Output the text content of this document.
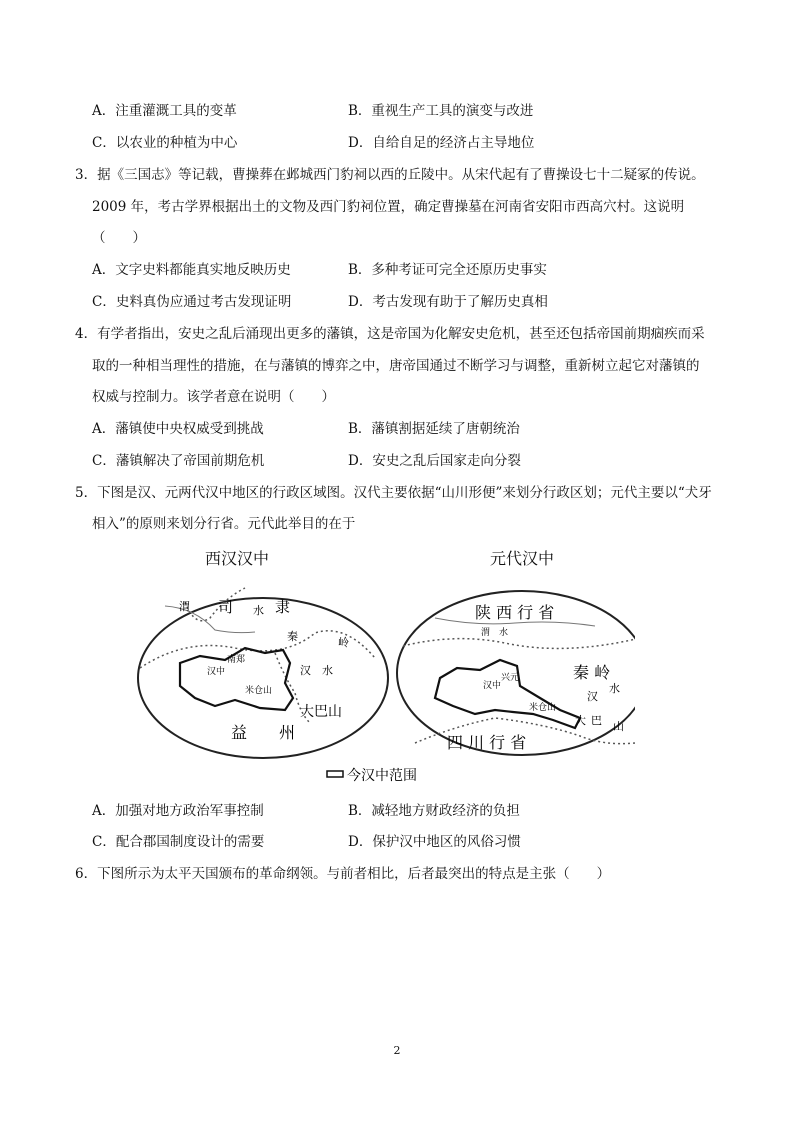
A．注重灌溉工具的变革	B．重视生产工具的演变与改进
C．以农业的种植为中心	D．自给自足的经济占主导地位
3．据《三国志》等记载，曹操葬在邺城西门豹祠以西的丘陵中。从宋代起有了曹操设七十二疑冢的传说。
2009 年，考古学界根据出土的文物及西门豹祠位置，确定曹操墓在河南省安阳市西高穴村。这说明
（　　）
A．文字史料都能真实地反映历史	B．多种考证可完全还原历史事实
C．史料真伪应通过考古发现证明	D．考古发现有助于了解历史真相
4．有学者指出，安史之乱后涌现出更多的藩镇，这是帝国为化解安史危机，甚至还包括帝国前期痼疾而采
取的一种相当理性的措施，在与藩镇的博弈之中，唐帝国通过不断学习与调整，重新树立起它对藩镇的
权威与控制力。该学者意在说明（　　）
A．藩镇使中央权威受到挑战	B．藩镇割据延续了唐朝统治
C．藩镇解决了帝国前期危机	D．安史之乱后国家走向分裂
5．下图是汉、元两代汉中地区的行政区域图。汉代主要依据“山川形便”来划分行政区划；元代主要以“犬牙
相入”的原则来划分行省。元代此举目的在于
西汉汉中	元代汉中
渭 司 水 隶
秦	岭
南郑
汉中
米仓山
汉　水
大巴山
益　　州
陕 西 行 省
渭　水
兴元
汉中
秦 岭
汉
水
米仓山
大 巴 山
四 川 行 省
今汉中范围
A．加强对地方政治军事控制	B．减轻地方财政经济的负担
C．配合郡国制度设计的需要	D．保护汉中地区的风俗习惯
6．下图所示为太平天国颁布的革命纲领。与前者相比，后者最突出的特点是主张（　　）
2
